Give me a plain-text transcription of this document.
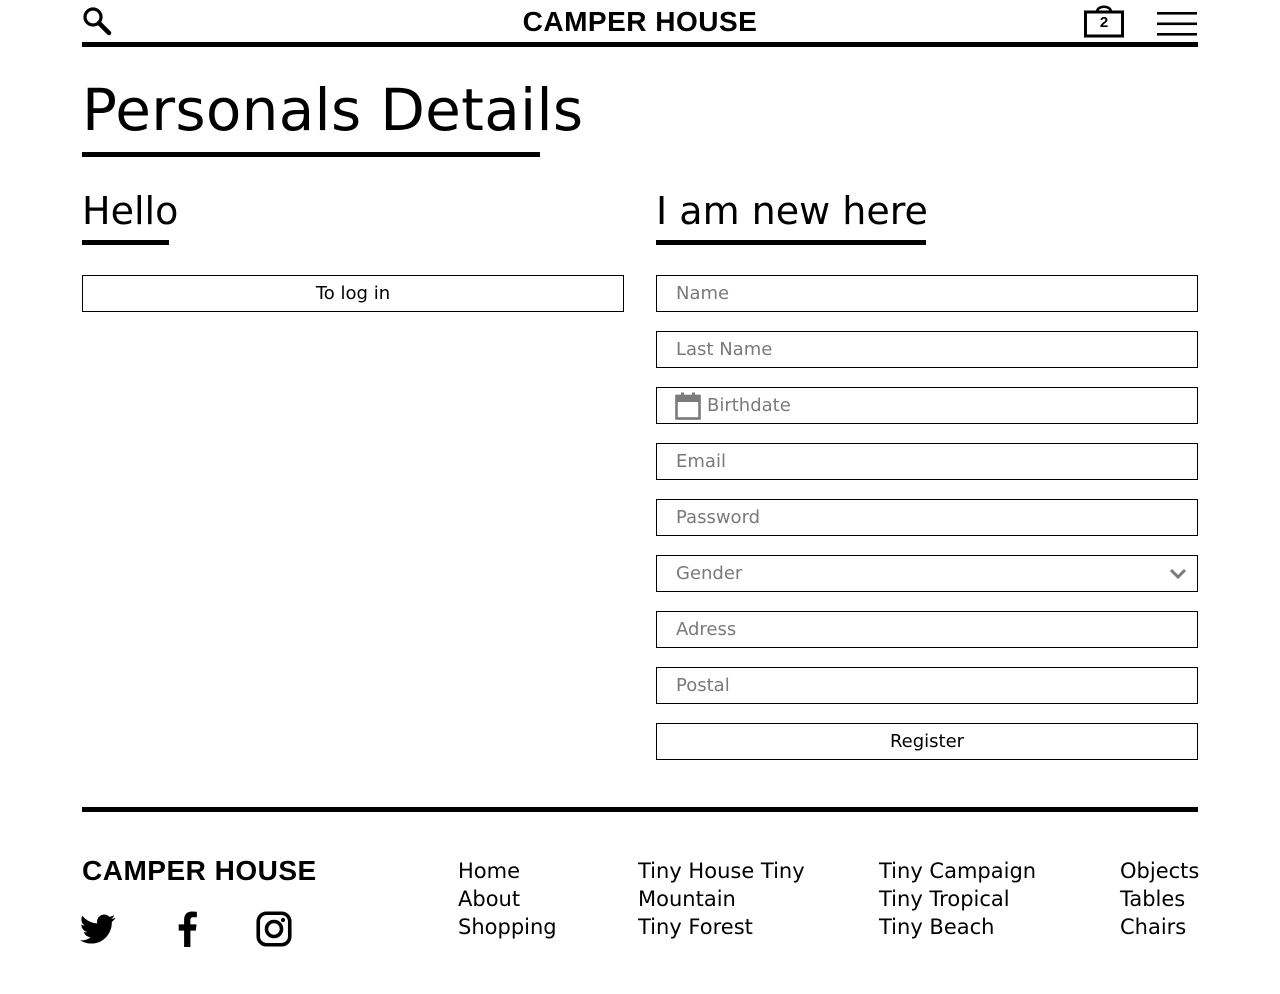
CAMPER HOUSE	2
Personals Details
Hello
To log in
I am new here
Name
Last Name
Birthdate
Email
Password
Gender
Adress
Postal
Register
CAMPER HOUSE	Home
About
Shopping
Tiny House Tiny
Mountain
Tiny Forest
Tiny Campaign
Tiny Tropical
Tiny Beach
Objects
Tables
Chairs
